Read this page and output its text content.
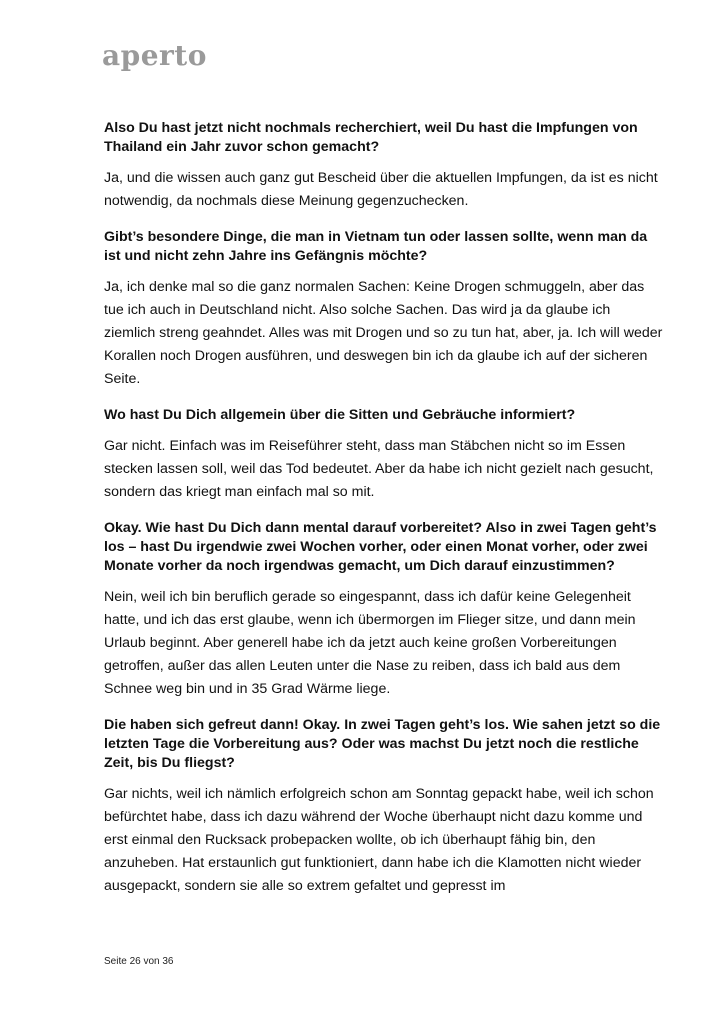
aperto

Also Du hast jetzt nicht nochmals recherchiert, weil Du hast die Impfungen von Thailand ein Jahr zuvor schon gemacht?

Ja, und die wissen auch ganz gut Bescheid über die aktuellen Impfungen, da ist es nicht notwendig, da nochmals diese Meinung gegenzuchecken.

Gibt’s besondere Dinge, die man in Vietnam tun oder lassen sollte, wenn man da ist und nicht zehn Jahre ins Gefängnis möchte?

Ja, ich denke mal so die ganz normalen Sachen: Keine Drogen schmuggeln, aber das tue ich auch in Deutschland nicht. Also solche Sachen. Das wird ja da glaube ich ziemlich streng geahndet. Alles was mit Drogen und so zu tun hat, aber, ja. Ich will weder Korallen noch Drogen ausführen, und deswegen bin ich da glaube ich auf der sicheren Seite.

Wo hast Du Dich allgemein über die Sitten und Gebräuche informiert?

Gar nicht. Einfach was im Reiseführer steht, dass man Stäbchen nicht so im Essen stecken lassen soll, weil das Tod bedeutet. Aber da habe ich nicht gezielt nach gesucht, sondern das kriegt man einfach mal so mit.

Okay. Wie hast Du Dich dann mental darauf vorbereitet? Also in zwei Tagen geht’s los – hast Du irgendwie zwei Wochen vorher, oder einen Monat vorher, oder zwei Monate vorher da noch irgendwas gemacht, um Dich darauf einzustimmen?

Nein, weil ich bin beruflich gerade so eingespannt, dass ich dafür keine Gelegenheit hatte, und ich das erst glaube, wenn ich übermorgen im Flieger sitze, und dann mein Urlaub beginnt. Aber generell habe ich da jetzt auch keine großen Vorbereitungen getroffen, außer das allen Leuten unter die Nase zu reiben, dass ich bald aus dem Schnee weg bin und in 35 Grad Wärme liege.

Die haben sich gefreut dann! Okay. In zwei Tagen geht’s los. Wie sahen jetzt so die letzten Tage die Vorbereitung aus? Oder was machst Du jetzt noch die restliche Zeit, bis Du fliegst?

Gar nichts, weil ich nämlich erfolgreich schon am Sonntag gepackt habe, weil ich schon befürchtet habe, dass ich dazu während der Woche überhaupt nicht dazu komme und erst einmal den Rucksack probepacken wollte, ob ich überhaupt fähig bin, den anzuheben. Hat erstaunlich gut funktioniert, dann habe ich die Klamotten nicht wieder ausgepackt, sondern sie alle so extrem gefaltet und gepresst im

Seite 26 von 36
